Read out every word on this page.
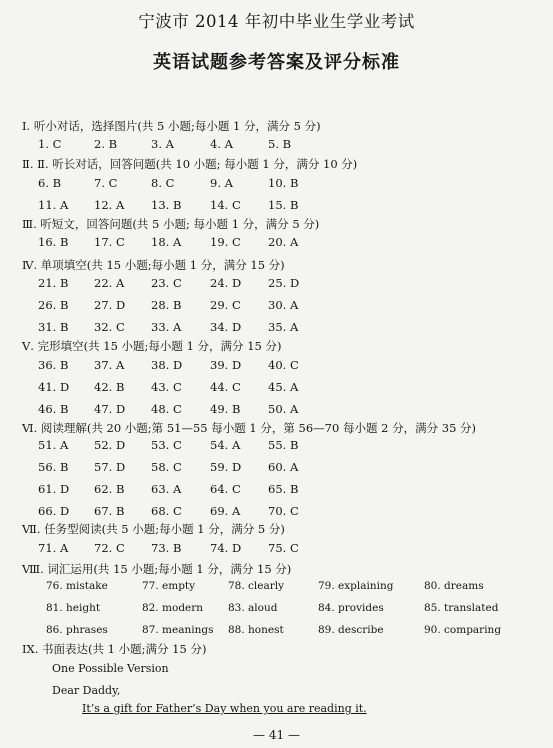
宁波市 2014 年初中毕业生学业考试
英语试题参考答案及评分标准
Ⅰ. 听小对话，选择图片(共 5 小题;每小题 1 分，满分 5 分)
1. C	2. B	3. A	4. A	5. B
Ⅱ. Ⅱ. 听长对话，回答问题(共 10 小题; 每小题 1 分，满分 10 分)
6. B	7. C	8. C	9. A	10. B
11. A 12. A 13. B 14. C 15. B
Ⅲ. 听短文，回答问题(共 5 小题; 每小题 1 分，满分 5 分)
16. B 17. C 18. A	19. C 20. A
Ⅳ. 单项填空(共 15 小题;每小题 1 分，满分 15 分)
21. B 22. A 23. C 24. D 25. D
26. B 27. D 28. B 29. C 30. A
31. B 32. C 33. A	34. D 35. A
Ⅴ. 完形填空(共 15 小题;每小题 1 分，满分 15 分)
36. B 37. A 38. D 39. D 40. C
41. D 42. B 43. C 44. C 45. A
46. B 47. D 48. C 49. B 50. A
Ⅵ. 阅读理解(共 20 小题;第 51—55 每小题 1 分，第 56—70 每小题 2 分，满分 35 分)
51. A 52. D 53. C 54. A 55. B
56. B 57. D 58. C 59. D 60. A
61. D 62. B 63. A	64. C 65. B
66. D 67. B 68. C 69. A 70. C
Ⅶ. 任务型阅读(共 5 小题;每小题 1 分，满分 5 分)
71. A 72. C 73. B 74. D 75. C
Ⅷ. 词汇运用(共 15 小题;每小题 1 分，满分 15 分)
76. mistake	77. empty	78. clearly	79. explaining	80. dreams
81. height	82. modern 83. aloud	84. provides	85. translated
86. phrases	87. meanings 88. honest	89. describe	90. comparing
IX. 书面表达(共 1 小题;满分 15 分)
One Possible Version
Dear Daddy,
It’s a gift for Father’s Day when you are reading it.
— 41 —
